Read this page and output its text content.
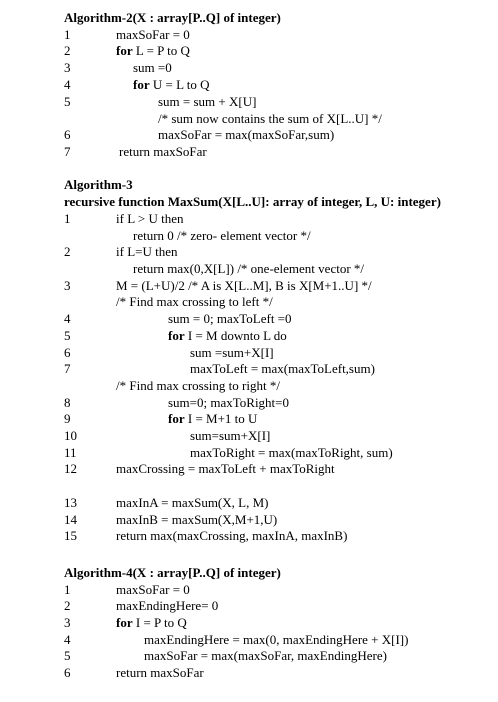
Algorithm-2(X : array[P..Q] of integer)
1	maxSoFar = 0
2	for L = P to Q
3	sum =0
4	for U = L to Q
5	sum = sum + X[U]
/* sum now contains the sum of X[L..U] */
6	maxSoFar = max(maxSoFar,sum)
7	return maxSoFar
Algorithm-3
recursive function MaxSum(X[L..U]: array of integer, L, U: integer)
1	if L > U then
return 0 /* zero- element vector */
2	if L=U then
return max(0,X[L]) /* one-element vector */
3	M = (L+U)/2 /* A is X[L..M], B is X[M+1..U] */
/* Find max crossing to left */
4	sum = 0; maxToLeft =0
5	for I = M downto L do
6	sum =sum+X[I]
7	maxToLeft = max(maxToLeft,sum)
/* Find max crossing to right */
8	sum=0; maxToRight=0
9	for I = M+1 to U
10	sum=sum+X[I]
11	maxToRight = max(maxToRight, sum)
12	maxCrossing = maxToLeft + maxToRight
13	maxInA = maxSum(X, L, M)
14	maxInB = maxSum(X,M+1,U)
15	return max(maxCrossing, maxInA, maxInB)
Algorithm-4(X : array[P..Q] of integer)
1	maxSoFar = 0
2	maxEndingHere= 0
3	for I = P to Q
4	maxEndingHere = max(0, maxEndingHere + X[I])
5	maxSoFar = max(maxSoFar, maxEndingHere)
6	return maxSoFar
